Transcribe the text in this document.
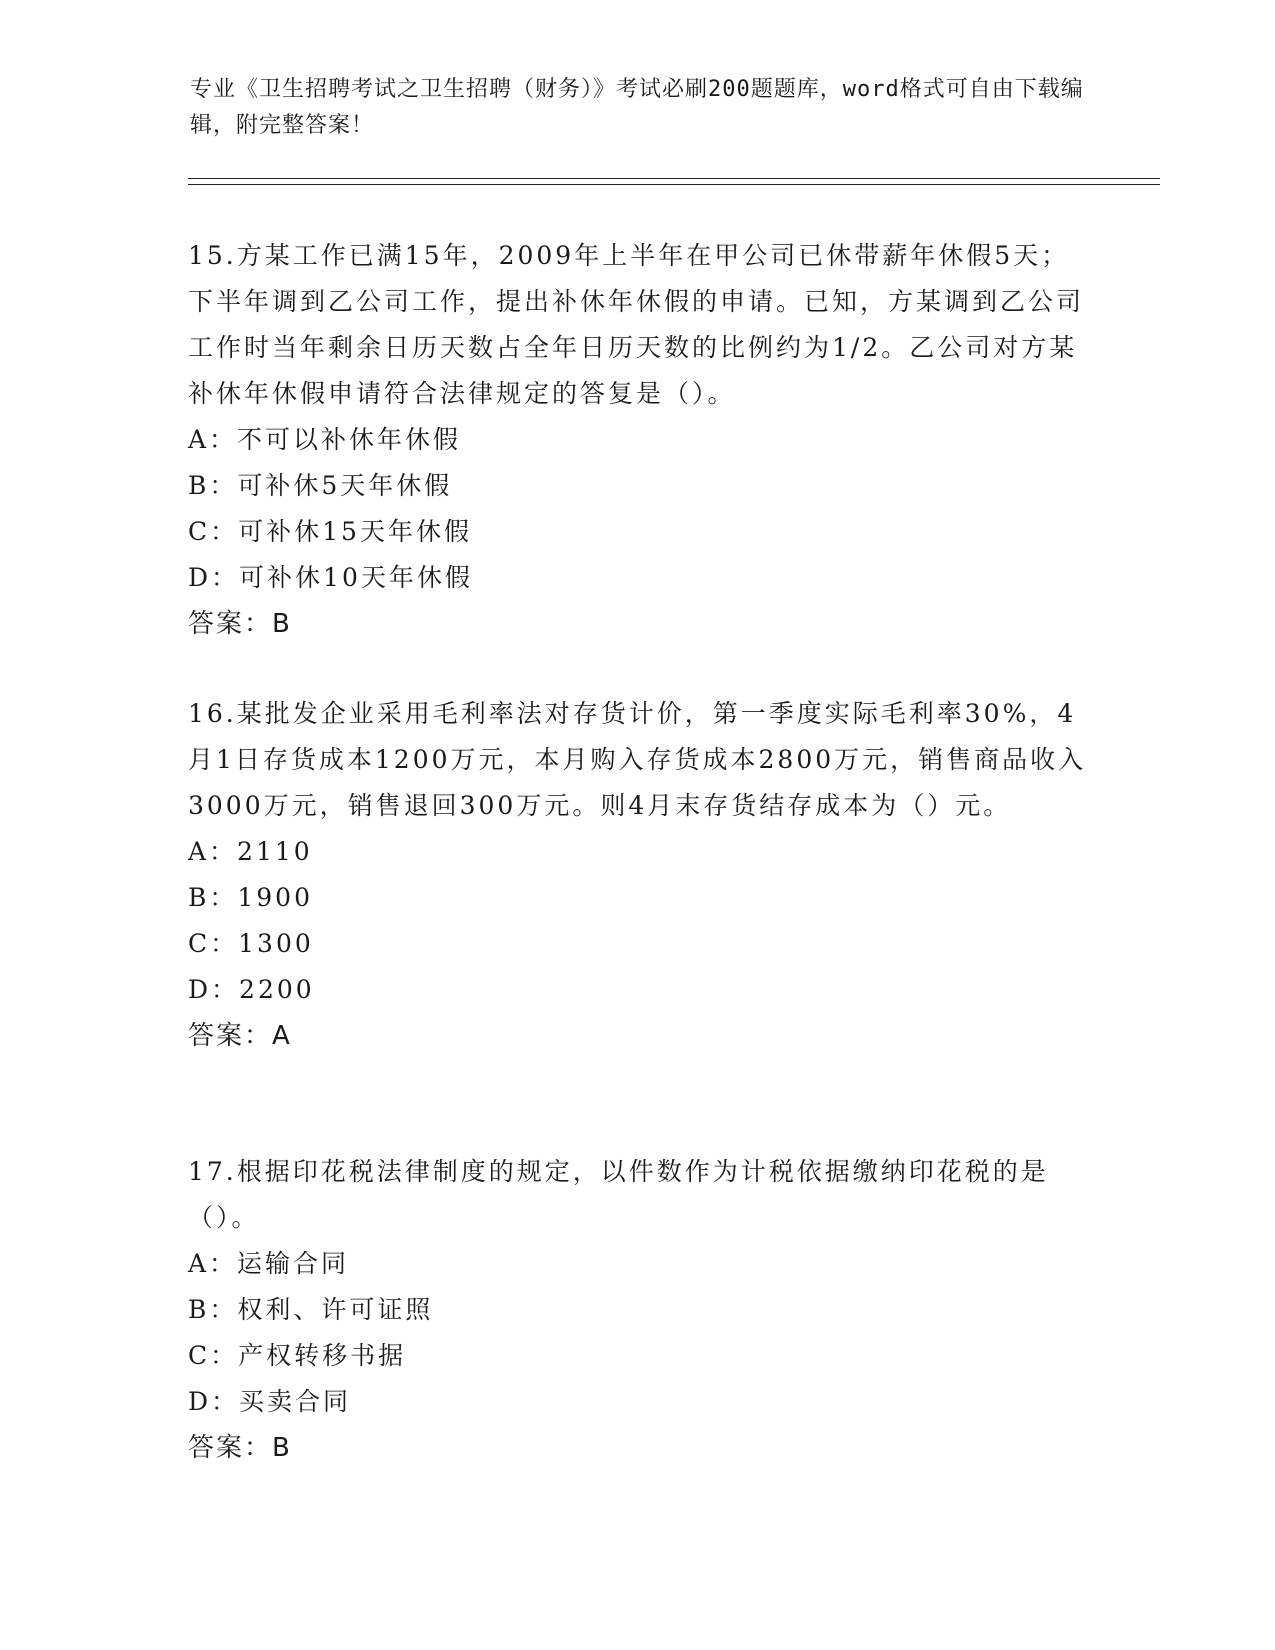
专业《卫生招聘考试之卫生招聘（财务）》考试必刷200题题库，word格式可自由下载编辑，附完整答案！

15.方某工作已满15年，2009年上半年在甲公司已休带薪年休假5天；下半年调到乙公司工作，提出补休年休假的申请。已知，方某调到乙公司工作时当年剩余日历天数占全年日历天数的比例约为1/2。乙公司对方某补休年休假申请符合法律规定的答复是（）。

A：不可以补休年休假

B：可补休5天年休假

C：可补休15天年休假

D：可补休10天年休假

答案：B

16.某批发企业采用毛利率法对存货计价，第一季度实际毛利率30%，4月1日存货成本1200万元，本月购入存货成本2800万元，销售商品收入3000万元，销售退回300万元。则4月末存货结存成本为（）元。

A：2110

B：1900

C：1300

D：2200

答案：A

17.根据印花税法律制度的规定，以件数作为计税依据缴纳印花税的是（）。

A：运输合同

B：权利、许可证照

C：产权转移书据

D：买卖合同

答案：B
